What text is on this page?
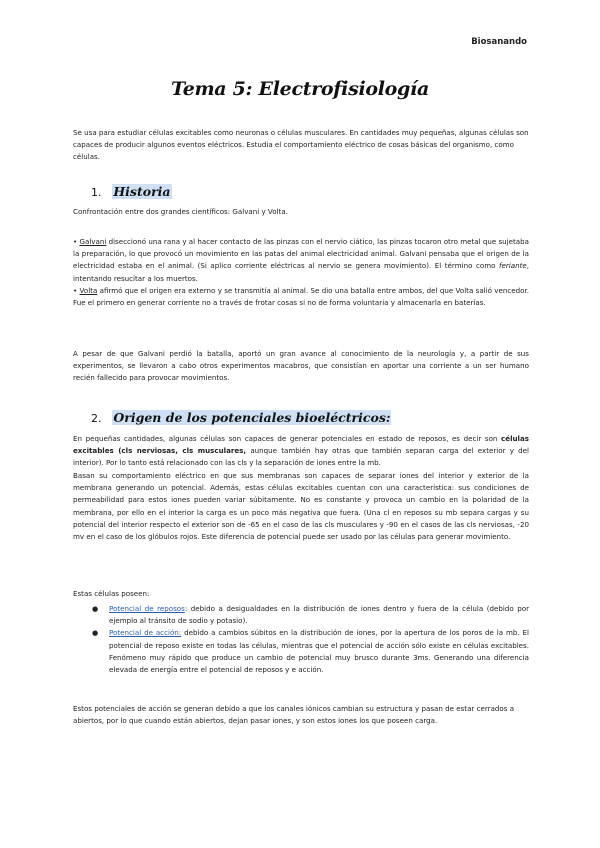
Biosanando
Tema 5: Electrofisiología

Se usa para estudiar células excitables como neuronas o células musculares. En cantidades muy pequeñas, algunas células son capaces de producir algunos eventos eléctricos. Estudia el comportamiento eléctrico de cosas básicas del organismo, como células.

1. Historia

Confrontación entre dos grandes científicos: Galvani y Volta.

• Galvani diseccionó una rana y al hacer contacto de las pinzas con el nervio ciático, las pinzas tocaron otro metal que sujetaba la preparación, lo que provocó un movimiento en las patas del animal electricidad animal. Galvani pensaba que el origen de la electricidad estaba en el animal. (Si aplico corriente eléctricas al nervio se genera movimiento). El término como feriante, intentando resucitar a los muertos.
• Volta afirmó que el origen era externo y se transmitía al animal. Se dio una batalla entre ambos, del que Volta salió vencedor. Fue el primero en generar corriente no a través de frotar cosas si no de forma voluntaria y almacenarla en baterías.

A pesar de que Galvani perdió la batalla, aportó un gran avance al conocimiento de la neurología y, a partir de sus experimentos, se llevaron a cabo otros experimentos macabros, que consistían en aportar una corriente a un ser humano recién fallecido para provocar movimientos.

2. Origen de los potenciales bioeléctricos:

En pequeñas cantidades, algunas células son capaces de generar potenciales en estado de reposos, es decir son células excitables (cls nerviosas, cls musculares, aunque también hay otras que también separan carga del exterior y del interior). Por lo tanto está relacionado con las cls y la separación de iones entre la mb.

Basan su comportamiento eléctrico en que sus membranas son capaces de separar iones del interior y exterior de la membrana generando un potencial. Además, estas células excitables cuentan con una característica: sus condiciones de permeabilidad para estos iones pueden variar súbitamente. No es constante y provoca un cambio en la polaridad de la membrana, por ello en el interior la carga es un poco más negativa que fuera. (Una cl en reposos su mb separa cargas y su potencial del interior respecto el exterior son de -65 en el caso de las cls musculares y -90 en el casos de las cls nerviosas, -20 mv en el caso de los glóbulos rojos. Este diferencia de potencial puede ser usado por las células para generar movimiento.

Estas células poseen:

● Potencial de reposos: debido a desigualdades en la distribución de iones dentro y fuera de la célula (debido por ejemplo al tránsito de sodio y potasio).
● Potencial de acción: debido a cambios súbitos en la distribución de iones, por la apertura de los poros de la mb. El potencial de reposo existe en todas las células, mientras que el potencial de acción sólo existe en células excitables. Fenómeno muy rápido que produce un cambio de potencial muy brusco durante 3ms. Generando una diferencia elevada de energía entre el potencial de reposos y e acción.

Estos potenciales de acción se generan debido a que los canales iónicos cambian su estructura y pasan de estar cerrados a abiertos, por lo que cuando están abiertos, dejan pasar iones, y son estos iones los que poseen carga.
